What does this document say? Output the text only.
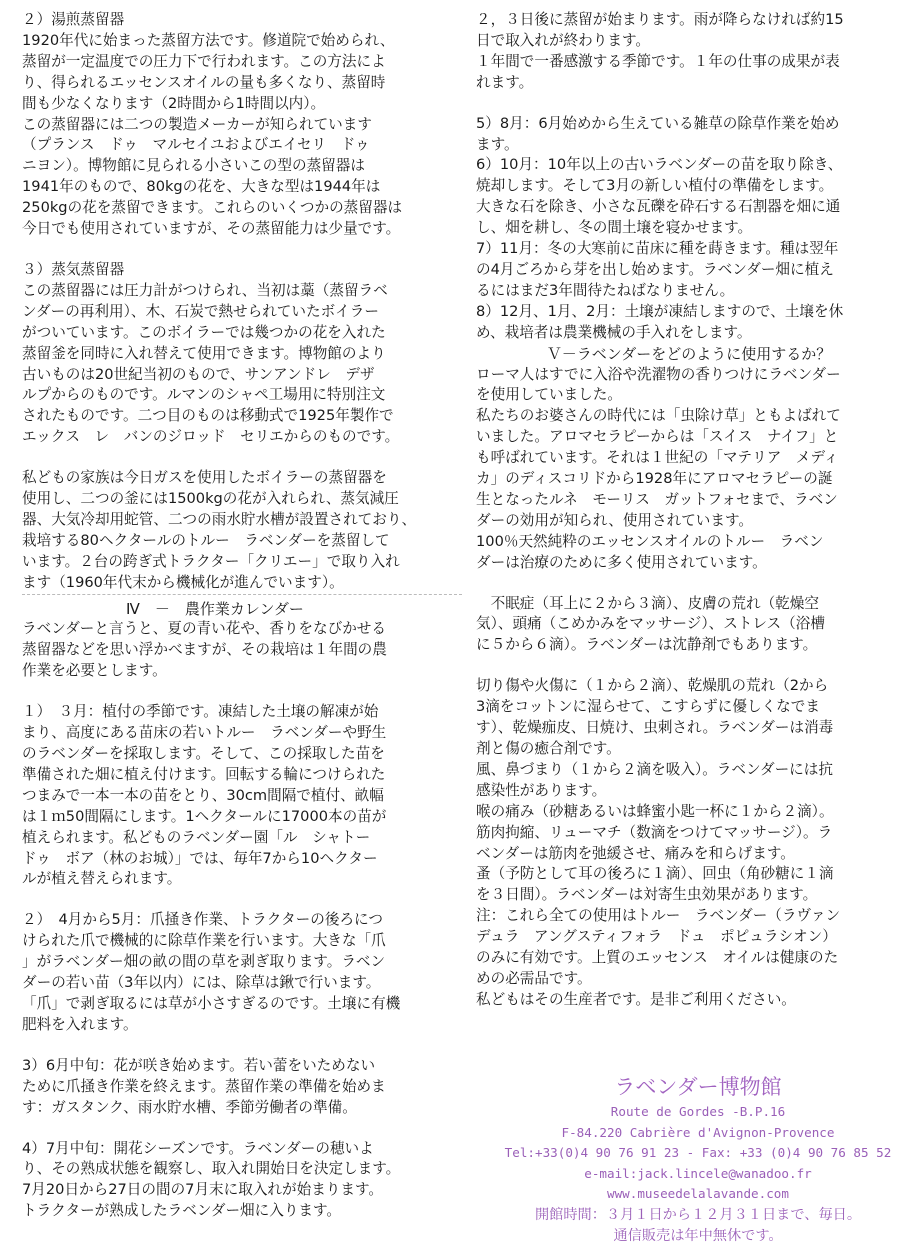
２）湯煎蒸留器
1920年代に始まった蒸留方法です。修道院で始められ、
蒸留が一定温度での圧力下で行われます。この方法によ
り、得られるエッセンスオイルの量も多くなり、蒸留時
間も少なくなります（2時間から1時間以内）。
この蒸留器には二つの製造メーカーが知られています
（プランス　ドゥ　マルセイユおよびエイセリ　ドゥ
ニヨン）。博物館に見られる小さいこの型の蒸留器は
1941年のもので、80kgの花を、大きな型は1944年は
250kgの花を蒸留できます。これらのいくつかの蒸留器は
今日でも使用されていますが、その蒸留能力は少量です。

３）蒸気蒸留器
この蒸留器には圧力計がつけられ、当初は藁（蒸留ラベ
ンダーの再利用）、木、石炭で熱せられていたボイラー
がついています。このボイラーでは幾つかの花を入れた
蒸留釜を同時に入れ替えて使用できます。博物館のより
古いものは20世紀当初のもので、サンアンドレ　デザ
ルプからのものです。ルマンのシャペ工場用に特別注文
されたものです。二つ目のものは移動式で1925年製作で
エックス　レ　バンのジロッド　セリエからのものです。

私どもの家族は今日ガスを使用したボイラーの蒸留器を
使用し、二つの釜には1500kgの花が入れられ、蒸気減圧
器、大気冷却用蛇管、二つの雨水貯水槽が設置されており、
栽培する80ヘクタールのトルー　ラベンダーを蒸留して
います。２台の跨ぎ式トラクター「クリエー」で取り入れ
ます（1960年代末から機械化が進んでいます）。

Ⅳ　－　農作業カレンダー

ラベンダーと言うと、夏の青い花や、香りをなびかせる
蒸留器などを思い浮かべますが、その栽培は１年間の農
作業を必要とします。

１）　３月：植付の季節です。凍結した土壌の解凍が始
まり、高度にある苗床の若いトルー　ラベンダーや野生
のラベンダーを採取します。そして、この採取した苗を
準備された畑に植え付けます。回転する輪につけられた
つまみで一本一本の苗をとり、30cm間隔で植付、畝幅
は１ｍ50間隔にします。1ヘクタールに17000本の苗が
植えられます。私どものラベンダー園「ル　シャトー
ドゥ　ボア（林のお城）」では、毎年7から10ヘクター
ルが植え替えられます。

２）　4月から5月：爪掻き作業、トラクターの後ろにつ
けられた爪で機械的に除草作業を行います。大きな「爪
」がラベンダー畑の畝の間の草を剥ぎ取ります。ラベン
ダーの若い苗（3年以内）には、除草は鍬で行います。
「爪」で剥ぎ取るには草が小さすぎるのです。土壌に有機
肥料を入れます。

3）6月中旬：花が咲き始めます。若い蕾をいためない
ために爪掻き作業を終えます。蒸留作業の準備を始めま
す：ガスタンク、雨水貯水槽、季節労働者の準備。

4）7月中旬：開花シーズンです。ラベンダーの穂いよ
り、その熟成状態を観察し、取入れ開始日を決定します。
7月20日から27日の間の7月末に取入れが始まります。
トラクターが熟成したラベンダー畑に入ります。

２，３日後に蒸留が始まります。雨が降らなければ約15
日で取入れが終わります。
１年間で一番感激する季節です。１年の仕事の成果が表
れます。

5）8月：6月始めから生えている雑草の除草作業を始め
ます。
6）10月：10年以上の古いラベンダーの苗を取り除き、
焼却します。そして3月の新しい植付の準備をします。
大きな石を除き、小さな瓦礫を砕石する石割器を畑に通
し、畑を耕し、冬の間土壌を寝かせます。
7）11月：冬の大寒前に苗床に種を蒔きます。種は翌年
の4月ごろから芽を出し始めます。ラベンダー畑に植え
るにはまだ3年間待たねばなりません。
8）12月、1月、2月：土壌が凍結しますので、土壌を休
め、栽培者は農業機械の手入れをします。

Ｖ－ラベンダーをどのように使用するか？

ローマ人はすでに入浴や洗濯物の香りつけにラベンダー
を使用していました。
私たちのお婆さんの時代には「虫除け草」ともよばれて
いました。アロマセラピーからは「スイス　ナイフ」と
も呼ばれています。それは１世紀の「マテリア　メディ
カ」のディスコリドから1928年にアロマセラピーの誕
生となったルネ　モーリス　ガットフォセまで、ラベン
ダーの効用が知られ、使用されています。
100％天然純粋のエッセンスオイルのトルー　ラベン
ダーは治療のために多く使用されています。

　不眠症（耳上に２から３滴）、皮膚の荒れ（乾燥空
気）、頭痛（こめかみをマッサージ）、ストレス（浴槽
に５から６滴）。ラベンダーは沈静剤でもあります。

切り傷や火傷に（１から２滴）、乾燥肌の荒れ（2から
3滴をコットンに湿らせて、こすらずに優しくなでま
す）、乾燥痂皮、日焼け、虫刺され。ラベンダーは消毒
剤と傷の癒合剤です。
風、鼻づまり（１から２滴を吸入）。ラベンダーには抗
感染性があります。
喉の痛み（砂糖あるいは蜂蜜小匙一杯に１から２滴）。
筋肉拘縮、リューマチ（数滴をつけてマッサージ）。ラ
ベンダーは筋肉を弛緩させ、痛みを和らげます。
蚤（予防として耳の後ろに１滴）、回虫（角砂糖に１滴
を３日間）。ラベンダーは対寄生虫効果があります。
注：これら全ての使用はトルー　ラベンダー（ラヴァン
デュラ　アングスティフォラ　ドュ　ポピュラシオン）
のみに有効です。上質のエッセンス　オイルは健康のた
めの必需品です。
私どもはその生産者です。是非ご利用ください。

ラベンダー博物館
Route de Gordes -B.P.16
F-84.220 Cabrière d'Avignon-Provence
Tel:+33(0)4 90 76 91 23 - Fax: +33 (0)4 90 76 85 52
e-mail:jack.lincele@wanadoo.fr
www.museedelalavande.com
開館時間：３月１日から１２月３１日まで、毎日。
通信販売は年中無休です。
